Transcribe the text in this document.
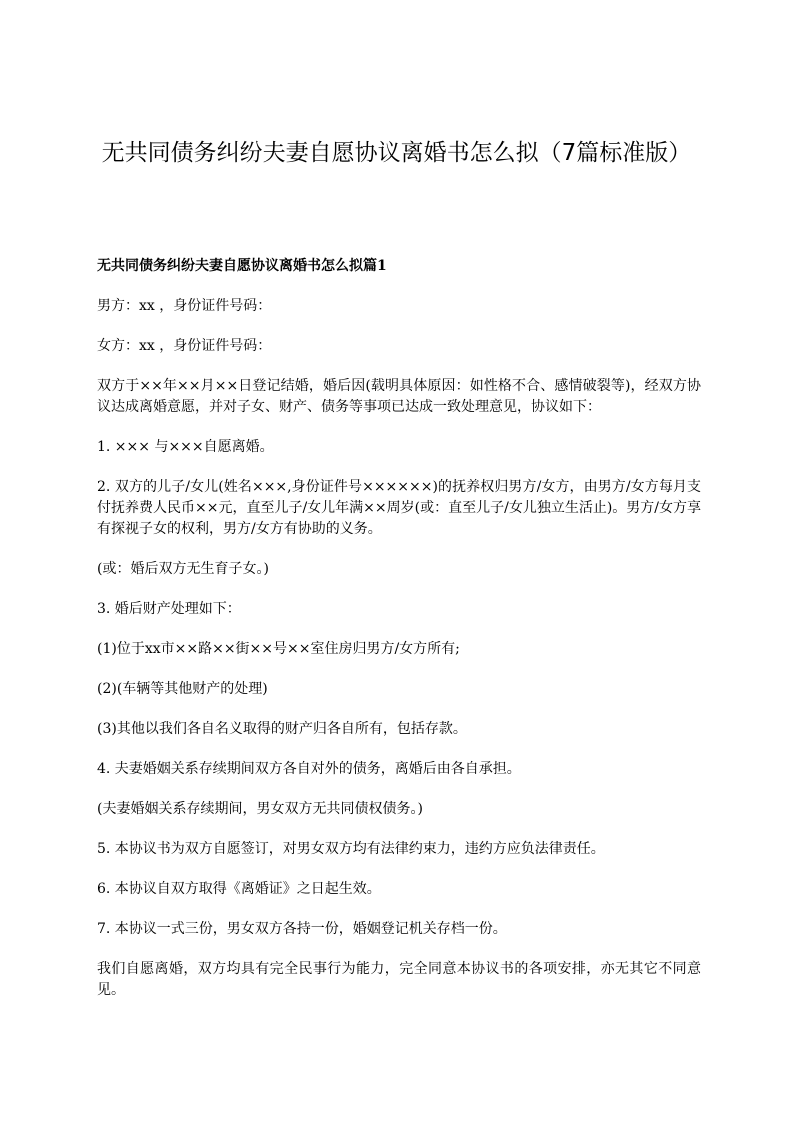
无共同债务纠纷夫妻自愿协议离婚书怎么拟（7篇标准版）

无共同债务纠纷夫妻自愿协议离婚书怎么拟篇1

男方：xx ，身份证件号码：

女方：xx ，身份证件号码：

双方于××年××月××日登记结婚，婚后因(载明具体原因：如性格不合、感情破裂等)，经双方协议达成离婚意愿，并对子女、财产、债务等事项已达成一致处理意见，协议如下：

1. ××× 与×××自愿离婚。

2. 双方的儿子/女儿(姓名×××,身份证件号××××××)的抚养权归男方/女方，由男方/女方每月支付抚养费人民币××元，直至儿子/女儿年满××周岁(或：直至儿子/女儿独立生活止)。男方/女方享有探视子女的权利，男方/女方有协助的义务。

(或：婚后双方无生育子女。)

3. 婚后财产处理如下：

(1)位于xx市××路××街××号××室住房归男方/女方所有;

(2)(车辆等其他财产的处理)

(3)其他以我们各自名义取得的财产归各自所有，包括存款。

4. 夫妻婚姻关系存续期间双方各自对外的债务，离婚后由各自承担。

(夫妻婚姻关系存续期间，男女双方无共同债权债务。)

5. 本协议书为双方自愿签订，对男女双方均有法律约束力，违约方应负法律责任。

6. 本协议自双方取得《离婚证》之日起生效。

7. 本协议一式三份，男女双方各持一份，婚姻登记机关存档一份。

我们自愿离婚，双方均具有完全民事行为能力，完全同意本协议书的各项安排，亦无其它不同意见。
